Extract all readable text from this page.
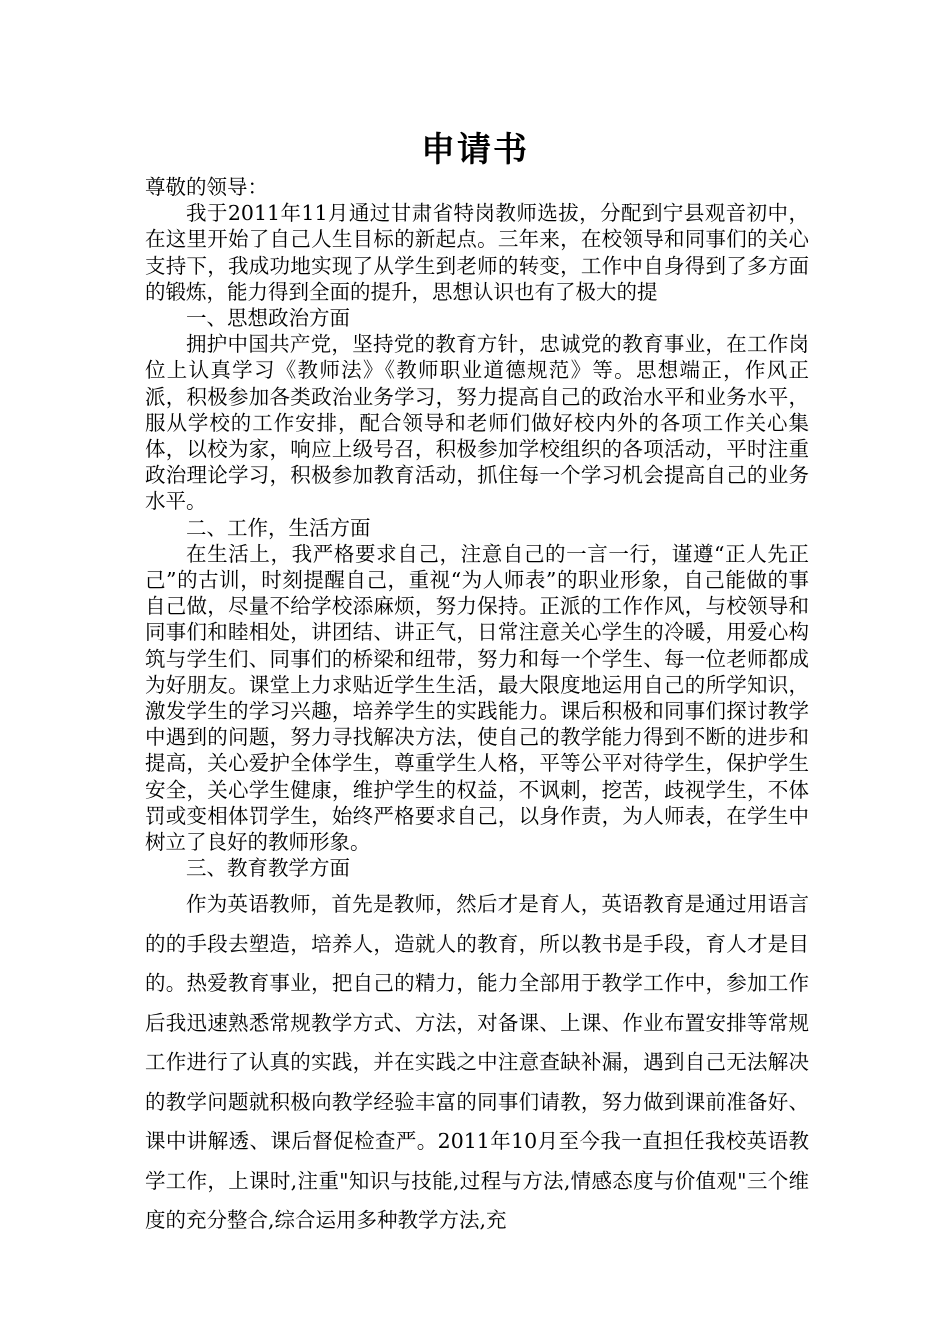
申请书

尊敬的领导：

我于2011年11月通过甘肃省特岗教师选拔，分配到宁县观音初中，在这里开始了自己人生目标的新起点。三年来，在校领导和同事们的关心支持下，我成功地实现了从学生到老师的转变，工作中自身得到了多方面的锻炼，能力得到全面的提升，思想认识也有了极大的提

一、思想政治方面

拥护中国共产党，坚持党的教育方针，忠诚党的教育事业，在工作岗位上认真学习《教师法》《教师职业道德规范》等。思想端正，作风正派，积极参加各类政治业务学习，努力提高自己的政治水平和业务水平，服从学校的工作安排，配合领导和老师们做好校内外的各项工作关心集体，以校为家，响应上级号召，积极参加学校组织的各项活动，平时注重政治理论学习，积极参加教育活动，抓住每一个学习机会提高自己的业务水平。

二、工作，生活方面

在生活上，我严格要求自己，注意自己的一言一行，谨遵“正人先正己”的古训，时刻提醒自己，重视“为人师表”的职业形象，自己能做的事自己做，尽量不给学校添麻烦，努力保持。正派的工作作风，与校领导和同事们和睦相处，讲团结、讲正气，日常注意关心学生的冷暖，用爱心构筑与学生们、同事们的桥梁和纽带，努力和每一个学生、每一位老师都成为好朋友。课堂上力求贴近学生生活，最大限度地运用自己的所学知识，激发学生的学习兴趣，培养学生的实践能力。课后积极和同事们探讨教学中遇到的问题，努力寻找解决方法，使自己的教学能力得到不断的进步和提高，关心爱护全体学生，尊重学生人格，平等公平对待学生，保护学生安全，关心学生健康，维护学生的权益，不讽刺，挖苦，歧视学生，不体罚或变相体罚学生，始终严格要求自己，以身作责，为人师表，在学生中树立了良好的教师形象。

三、教育教学方面

作为英语教师，首先是教师，然后才是育人，英语教育是通过用语言的的手段去塑造，培养人，造就人的教育，所以教书是手段，育人才是目的。热爱教育事业，把自己的精力，能力全部用于教学工作中，参加工作后我迅速熟悉常规教学方式、方法，对备课、上课、作业布置安排等常规工作进行了认真的实践，并在实践之中注意查缺补漏，遇到自己无法解决的教学问题就积极向教学经验丰富的同事们请教，努力做到课前准备好、课中讲解透、课后督促检查严。2011年10月至今我一直担任我校英语教学工作，上课时,注重"知识与技能,过程与方法,情感态度与价值观"三个维度的充分整合,综合运用多种教学方法,充
